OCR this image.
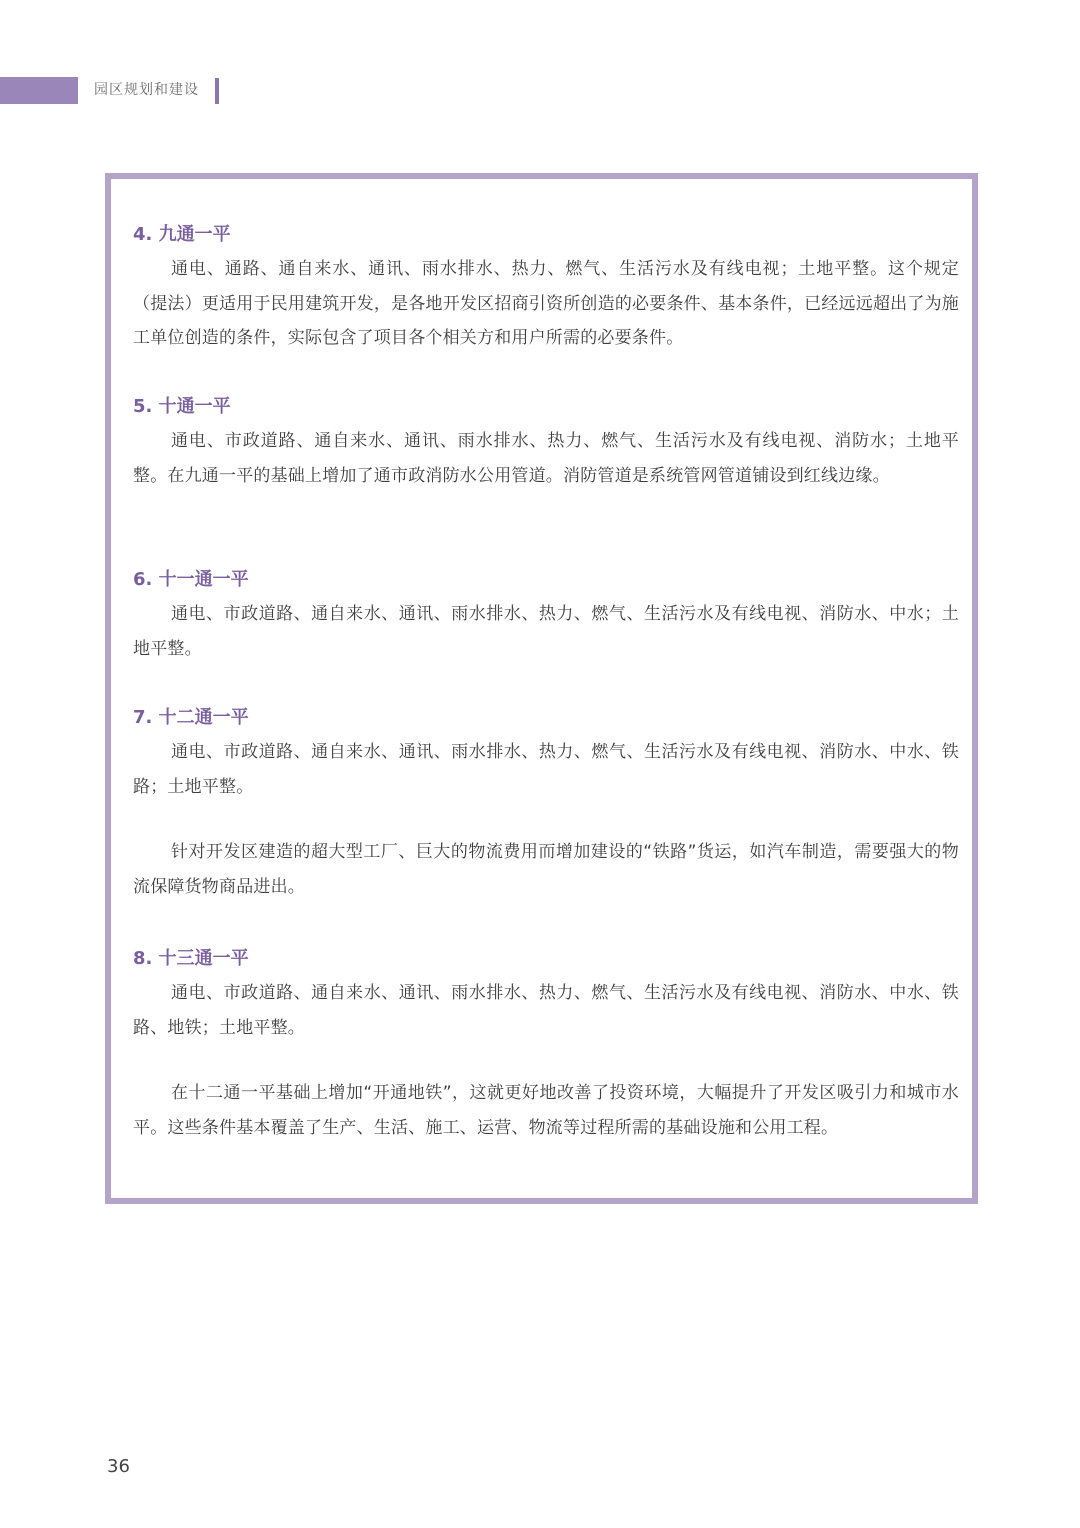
园区规划和建设
4. 九通一平

通电、通路、通自来水、通讯、雨水排水、热力、燃气、生活污水及有线电视；土地平整。这个规定（提法）更适用于民用建筑开发，是各地开发区招商引资所创造的必要条件、基本条件，已经远远超出了为施工单位创造的条件，实际包含了项目各个相关方和用户所需的必要条件。

5. 十通一平

通电、市政道路、通自来水、通讯、雨水排水、热力、燃气、生活污水及有线电视、消防水；土地平整。在九通一平的基础上增加了通市政消防水公用管道。消防管道是系统管网管道铺设到红线边缘。

6. 十一通一平

通电、市政道路、通自来水、通讯、雨水排水、热力、燃气、生活污水及有线电视、消防水、中水；土地平整。

7. 十二通一平

通电、市政道路、通自来水、通讯、雨水排水、热力、燃气、生活污水及有线电视、消防水、中水、铁路；土地平整。

针对开发区建造的超大型工厂、巨大的物流费用而增加建设的“铁路”货运，如汽车制造，需要强大的物流保障货物商品进出。

8. 十三通一平

通电、市政道路、通自来水、通讯、雨水排水、热力、燃气、生活污水及有线电视、消防水、中水、铁路、地铁；土地平整。

在十二通一平基础上增加“开通地铁”，这就更好地改善了投资环境，大幅提升了开发区吸引力和城市水平。这些条件基本覆盖了生产、生活、施工、运营、物流等过程所需的基础设施和公用工程。

36
